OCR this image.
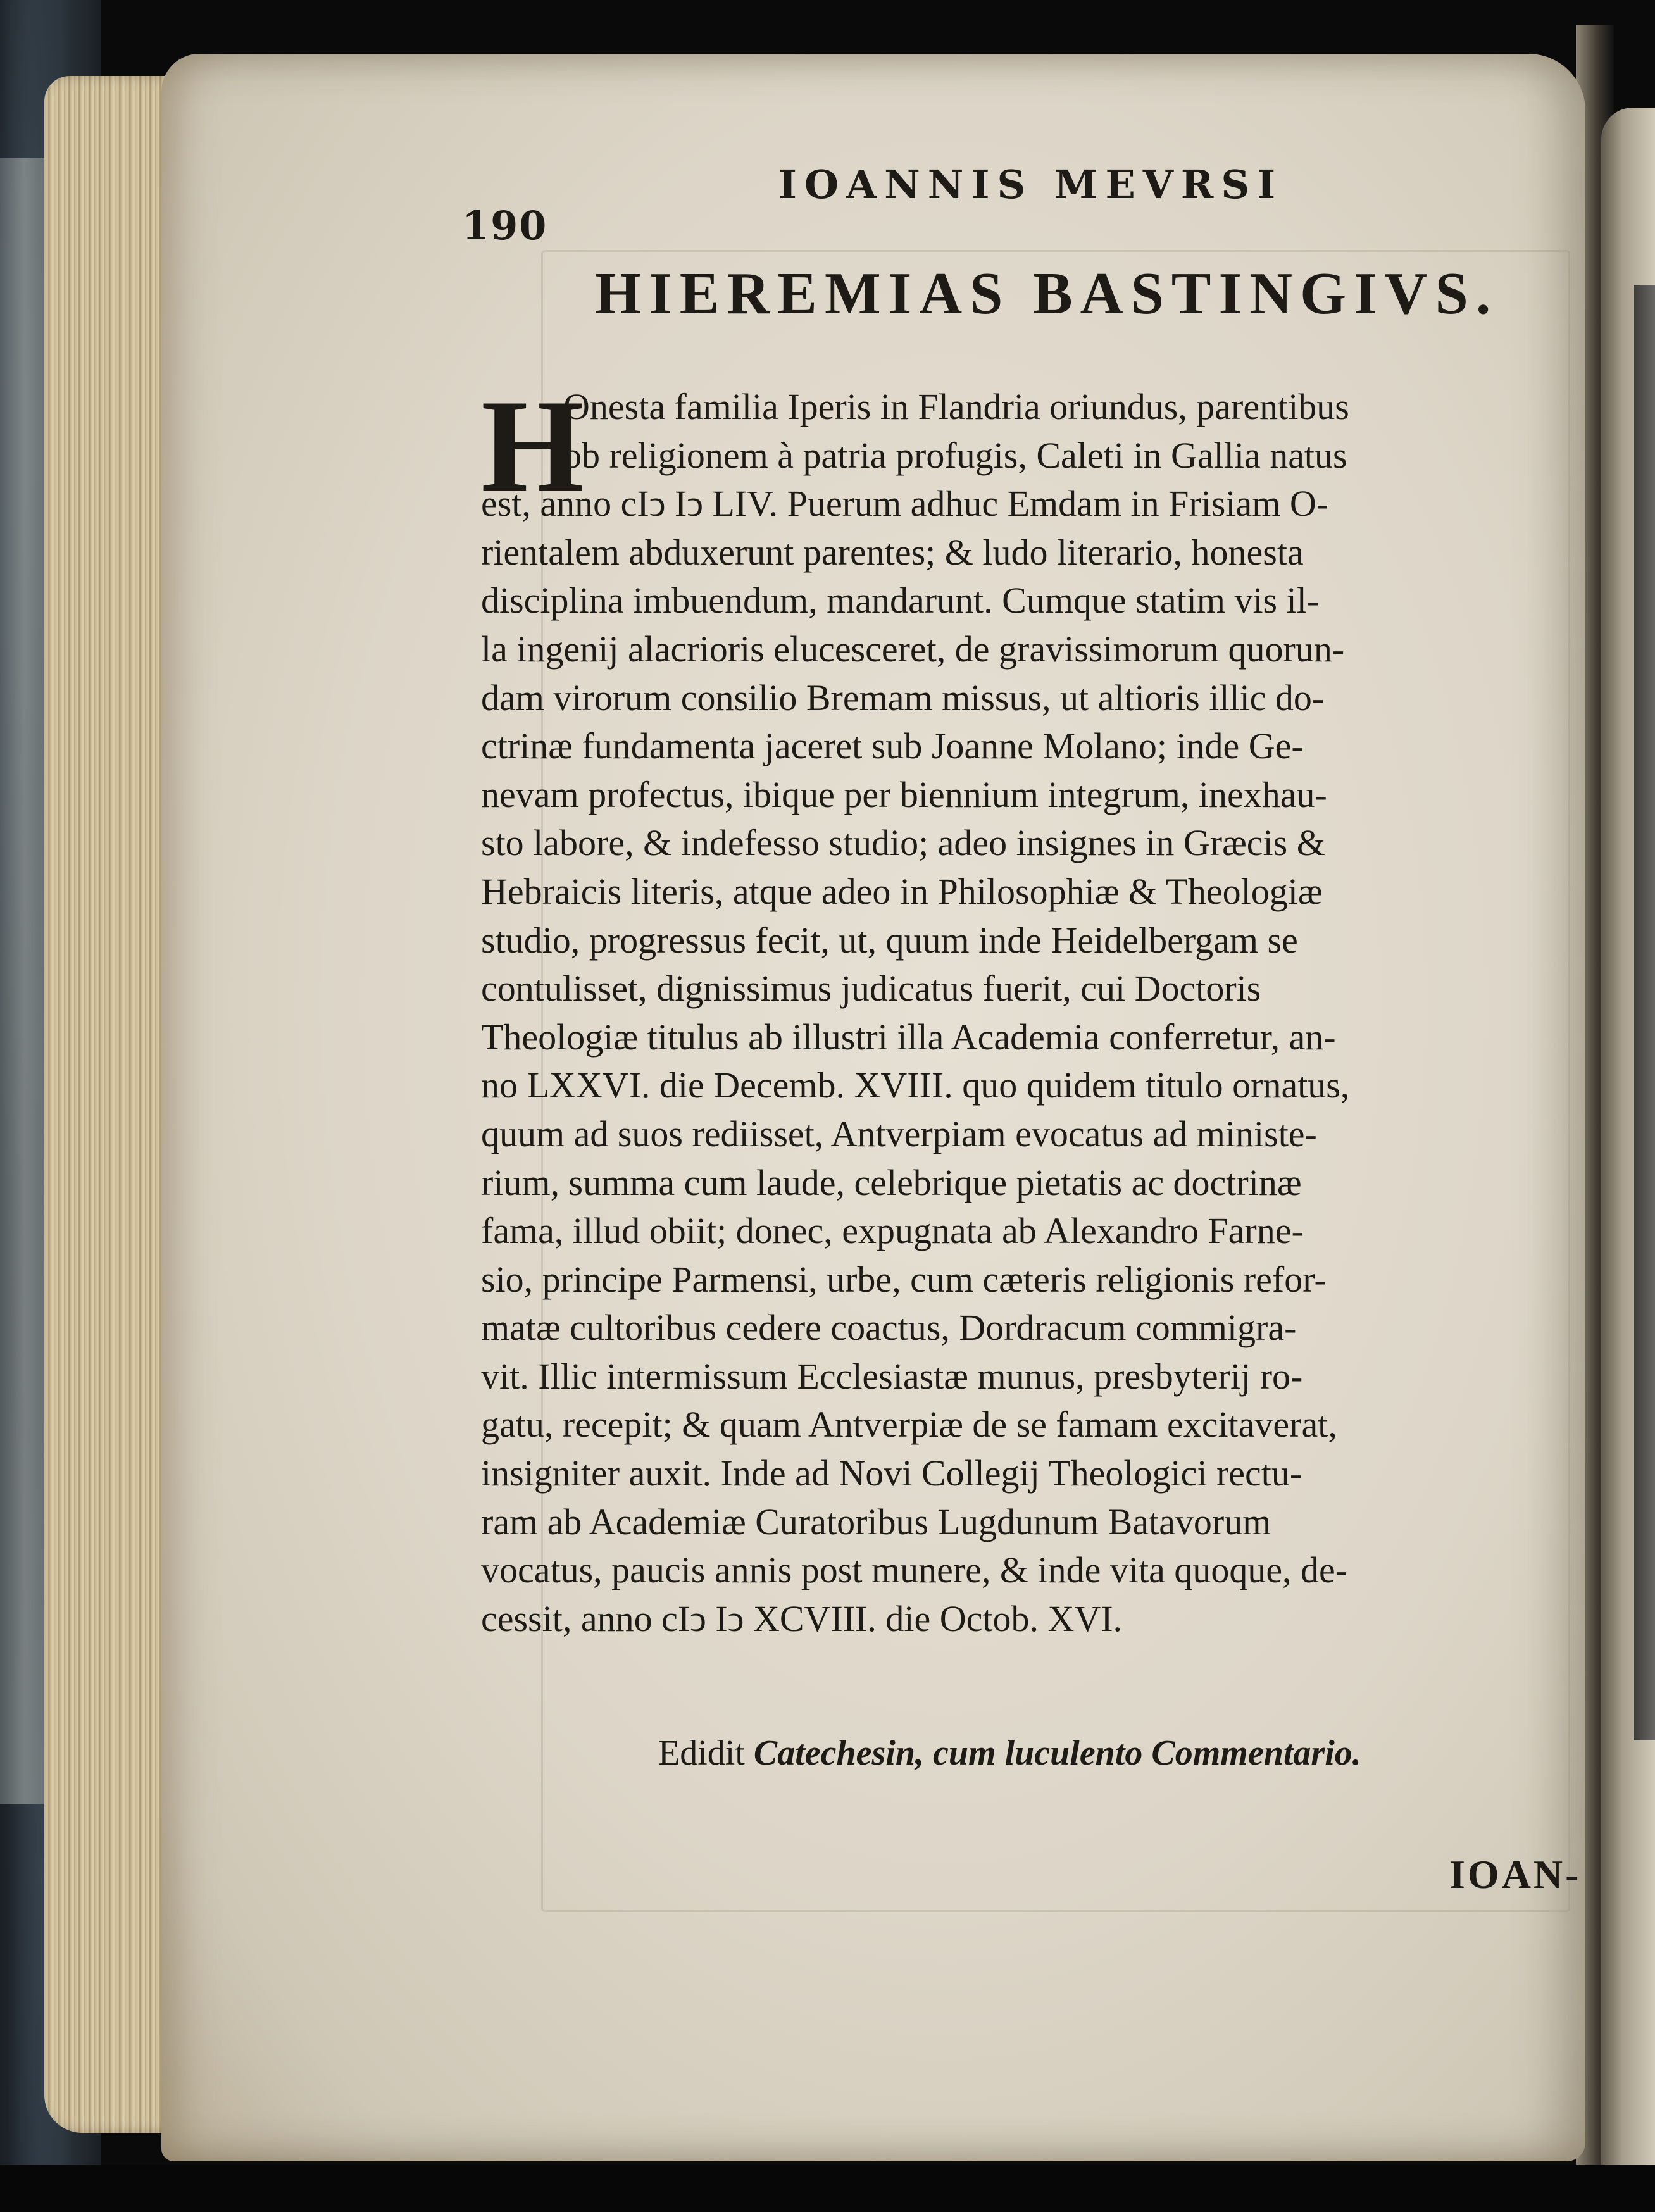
190
IOANNIS MEVRSI
HIEREMIAS BASTINGIVS.
H
Onesta familia Iperis in Flandria oriundus, parentibus
ob religionem à patria profugis, Caleti in Gallia natus
est, anno cIↄ Iↄ LIV. Puerum adhuc Emdam in Frisiam O-
rientalem abduxerunt parentes; & ludo literario, honesta
disciplina imbuendum, mandarunt. Cumque statim vis il-
la ingenij alacrioris elucesceret, de gravissimorum quorun-
dam virorum consilio Bremam missus, ut altioris illic do-
ctrinæ fundamenta jaceret sub Joanne Molano; inde Ge-
nevam profectus, ibique per biennium integrum, inexhau-
sto labore, & indefesso studio; adeo insignes in Græcis &
Hebraicis literis, atque adeo in Philosophiæ & Theologiæ
studio, progressus fecit, ut, quum inde Heidelbergam se
contulisset, dignissimus judicatus fuerit, cui Doctoris
Theologiæ titulus ab illustri illa Academia conferretur, an-
no LXXVI. die Decemb. XVIII. quo quidem titulo ornatus,
quum ad suos rediisset, Antverpiam evocatus ad ministe-
rium, summa cum laude, celebrique pietatis ac doctrinæ
fama, illud obiit; donec, expugnata ab Alexandro Farne-
sio, principe Parmensi, urbe, cum cæteris religionis refor-
matæ cultoribus cedere coactus, Dordracum commigra-
vit. Illic intermissum Ecclesiastæ munus, presbyterij ro-
gatu, recepit; & quam Antverpiæ de se famam excitaverat,
insigniter auxit. Inde ad Novi Collegij Theologici rectu-
ram ab Academiæ Curatoribus Lugdunum Batavorum
vocatus, paucis annis post munere, & inde vita quoque, de-
cessit, anno cIↄ Iↄ XCVIII. die Octob. XVI.
Edidit Catechesin, cum luculento Commentario.
IOAN-
